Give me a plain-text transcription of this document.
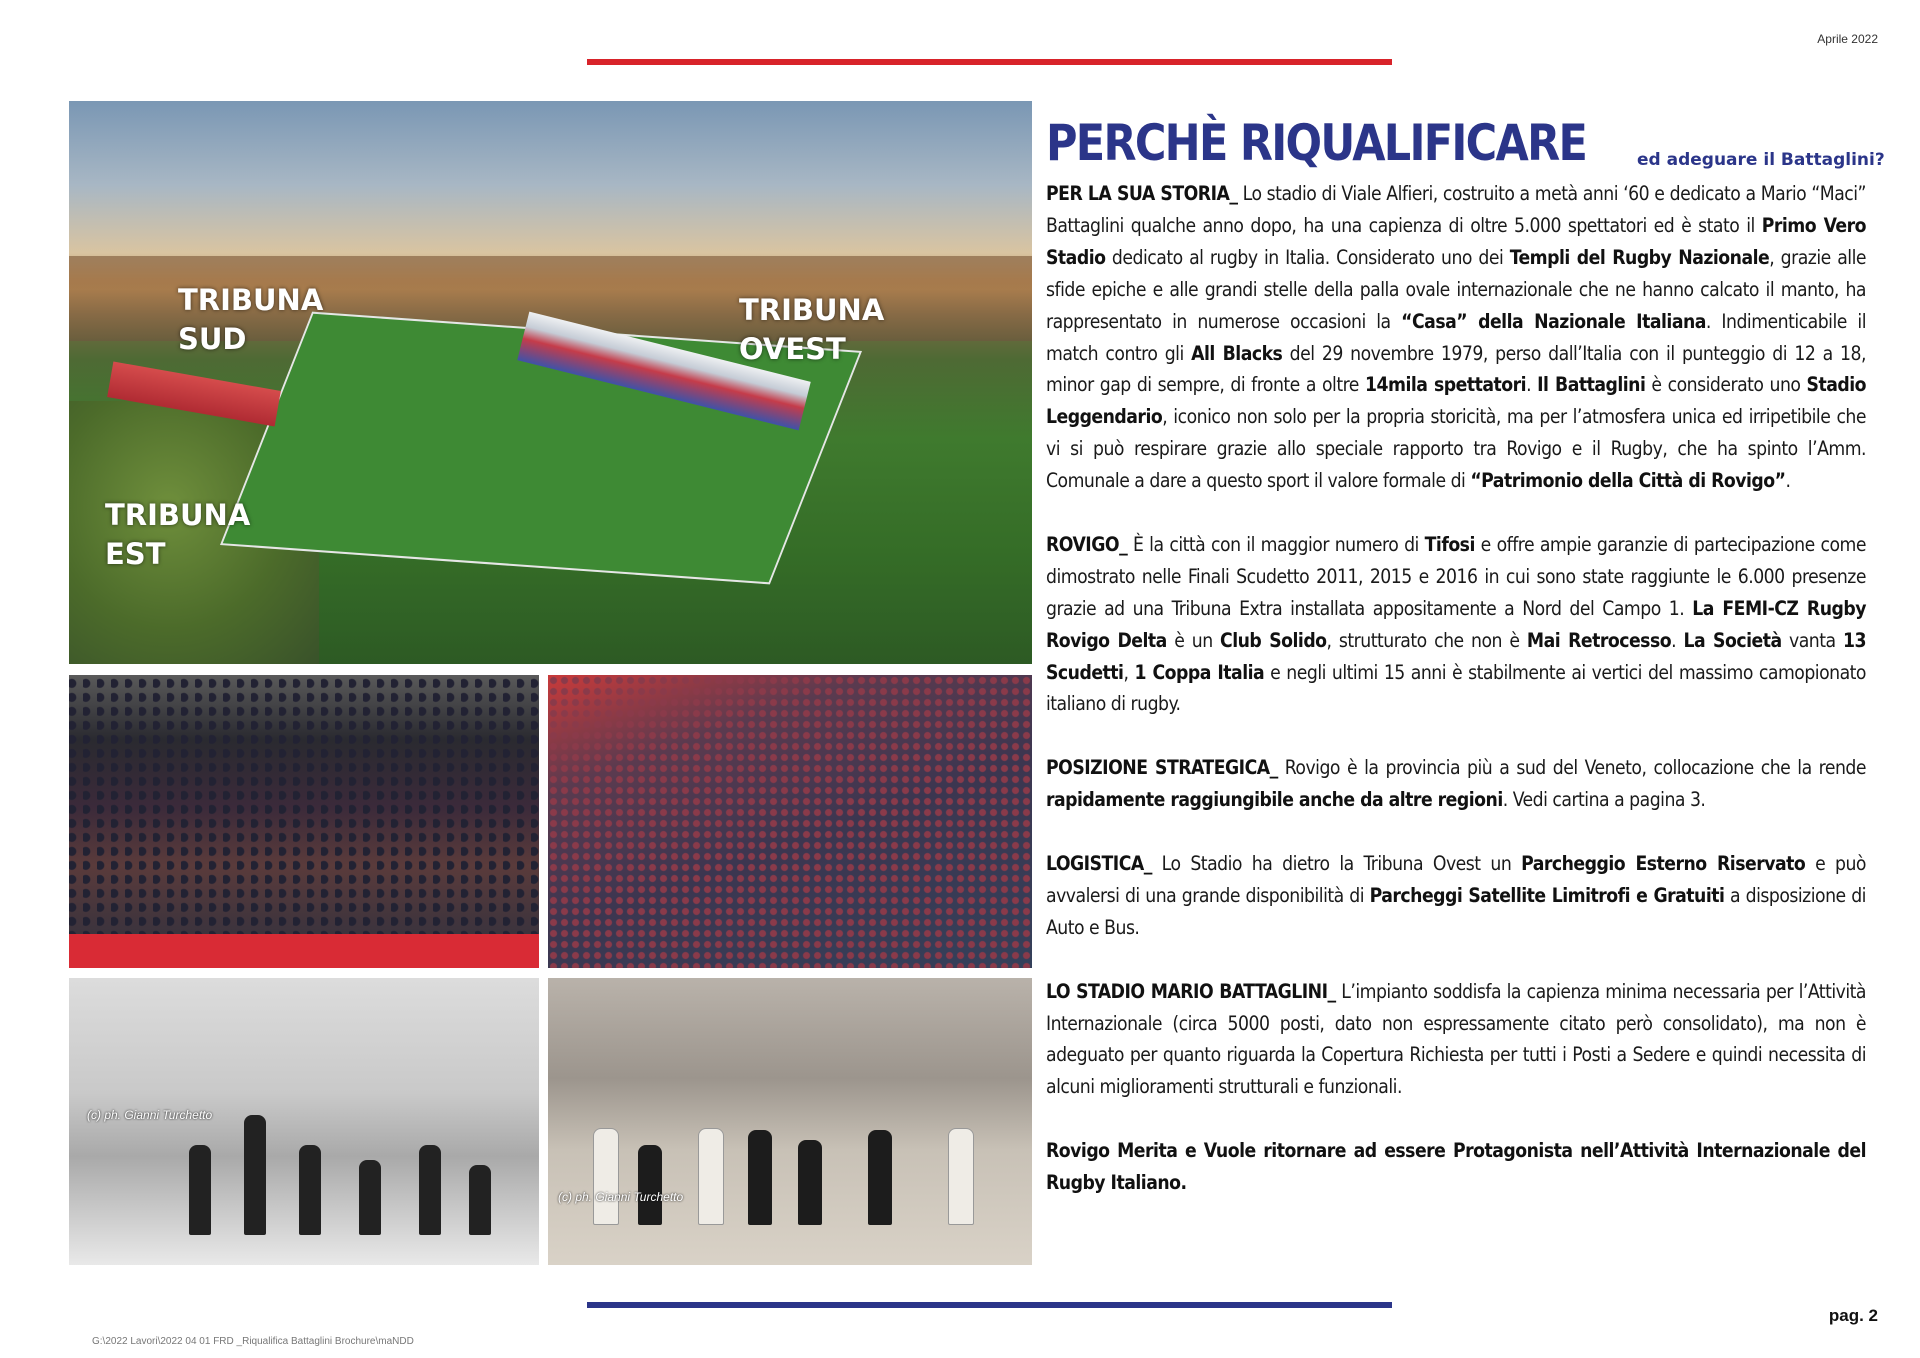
Aprile 2022
TRIBUNA
SUD
TRIBUNA
OVEST
TRIBUNA
EST
(c) ph. Gianni Turchetto
(c) ph. Gianni Turchetto
PERCHÈ RIQUALIFICARE	ed adeguare il Battaglini?

PER LA SUA STORIA_ Lo stadio di Viale Alfieri, costruito a metà anni ‘60 e dedicato a Mario “Maci” Battaglini qualche anno dopo, ha una capienza di oltre 5.000 spettatori ed è stato il Primo Vero Stadio dedicato al rugby in Italia. Considerato uno dei Templi del Rugby Nazionale, grazie alle sfide epiche e alle grandi stelle della palla ovale internazionale che ne hanno calcato il manto, ha rappresentato in numerose occasioni la “Casa” della Nazionale Italiana. Indimenticabile il match contro gli All Blacks del 29 novembre 1979, perso dall’Italia con il punteggio di 12 a 18, minor gap di sempre, di fronte a oltre 14mila spettatori. Il Battaglini è considerato uno Stadio Leggendario, iconico non solo per la propria storicità, ma per l’atmosfera unica ed irripetibile che vi si può respirare grazie allo speciale rapporto tra Rovigo e il Rugby, che ha spinto l’Amm. Comunale a dare a questo sport il valore formale di “Patrimonio della Città di Rovigo”.

ROVIGO_ È la città con il maggior numero di Tifosi e offre ampie garanzie di partecipazione come dimostrato nelle Finali Scudetto 2011, 2015 e 2016 in cui sono state raggiunte le 6.000 presenze grazie ad una Tribuna Extra installata appositamente a Nord del Campo 1. La FEMI-CZ Rugby Rovigo Delta è un Club Solido, strutturato che non è Mai Retrocesso. La Società vanta 13 Scudetti, 1 Coppa Italia e negli ultimi 15 anni è stabilmente ai vertici del massimo camopionato italiano di rugby.

POSIZIONE STRATEGICA_ Rovigo è la provincia più a sud del Veneto, collocazione che la rende rapidamente raggiungibile anche da altre regioni. Vedi cartina a pagina 3.

LOGISTICA_ Lo Stadio ha dietro la Tribuna Ovest un Parcheggio Esterno Riservato e può avvalersi di una grande disponibilità di Parcheggi Satellite Limitrofi e Gratuiti a disposizione di Auto e Bus.

LO STADIO MARIO BATTAGLINI_ L’impianto soddisfa la capienza minima necessaria per l’Attività Internazionale (circa 5000 posti, dato non espressamente citato però consolidato), ma non è adeguato per quanto riguarda la Copertura Richiesta per tutti i Posti a Sedere e quindi necessita di alcuni miglioramenti strutturali e funzionali.

Rovigo Merita e Vuole ritornare ad essere Protagonista nell’Attività Internazionale del Rugby Italiano.

pag. 2
G:\2022 Lavori\2022 04 01 FRD _Riqualifica Battaglini Brochure\maNDD
